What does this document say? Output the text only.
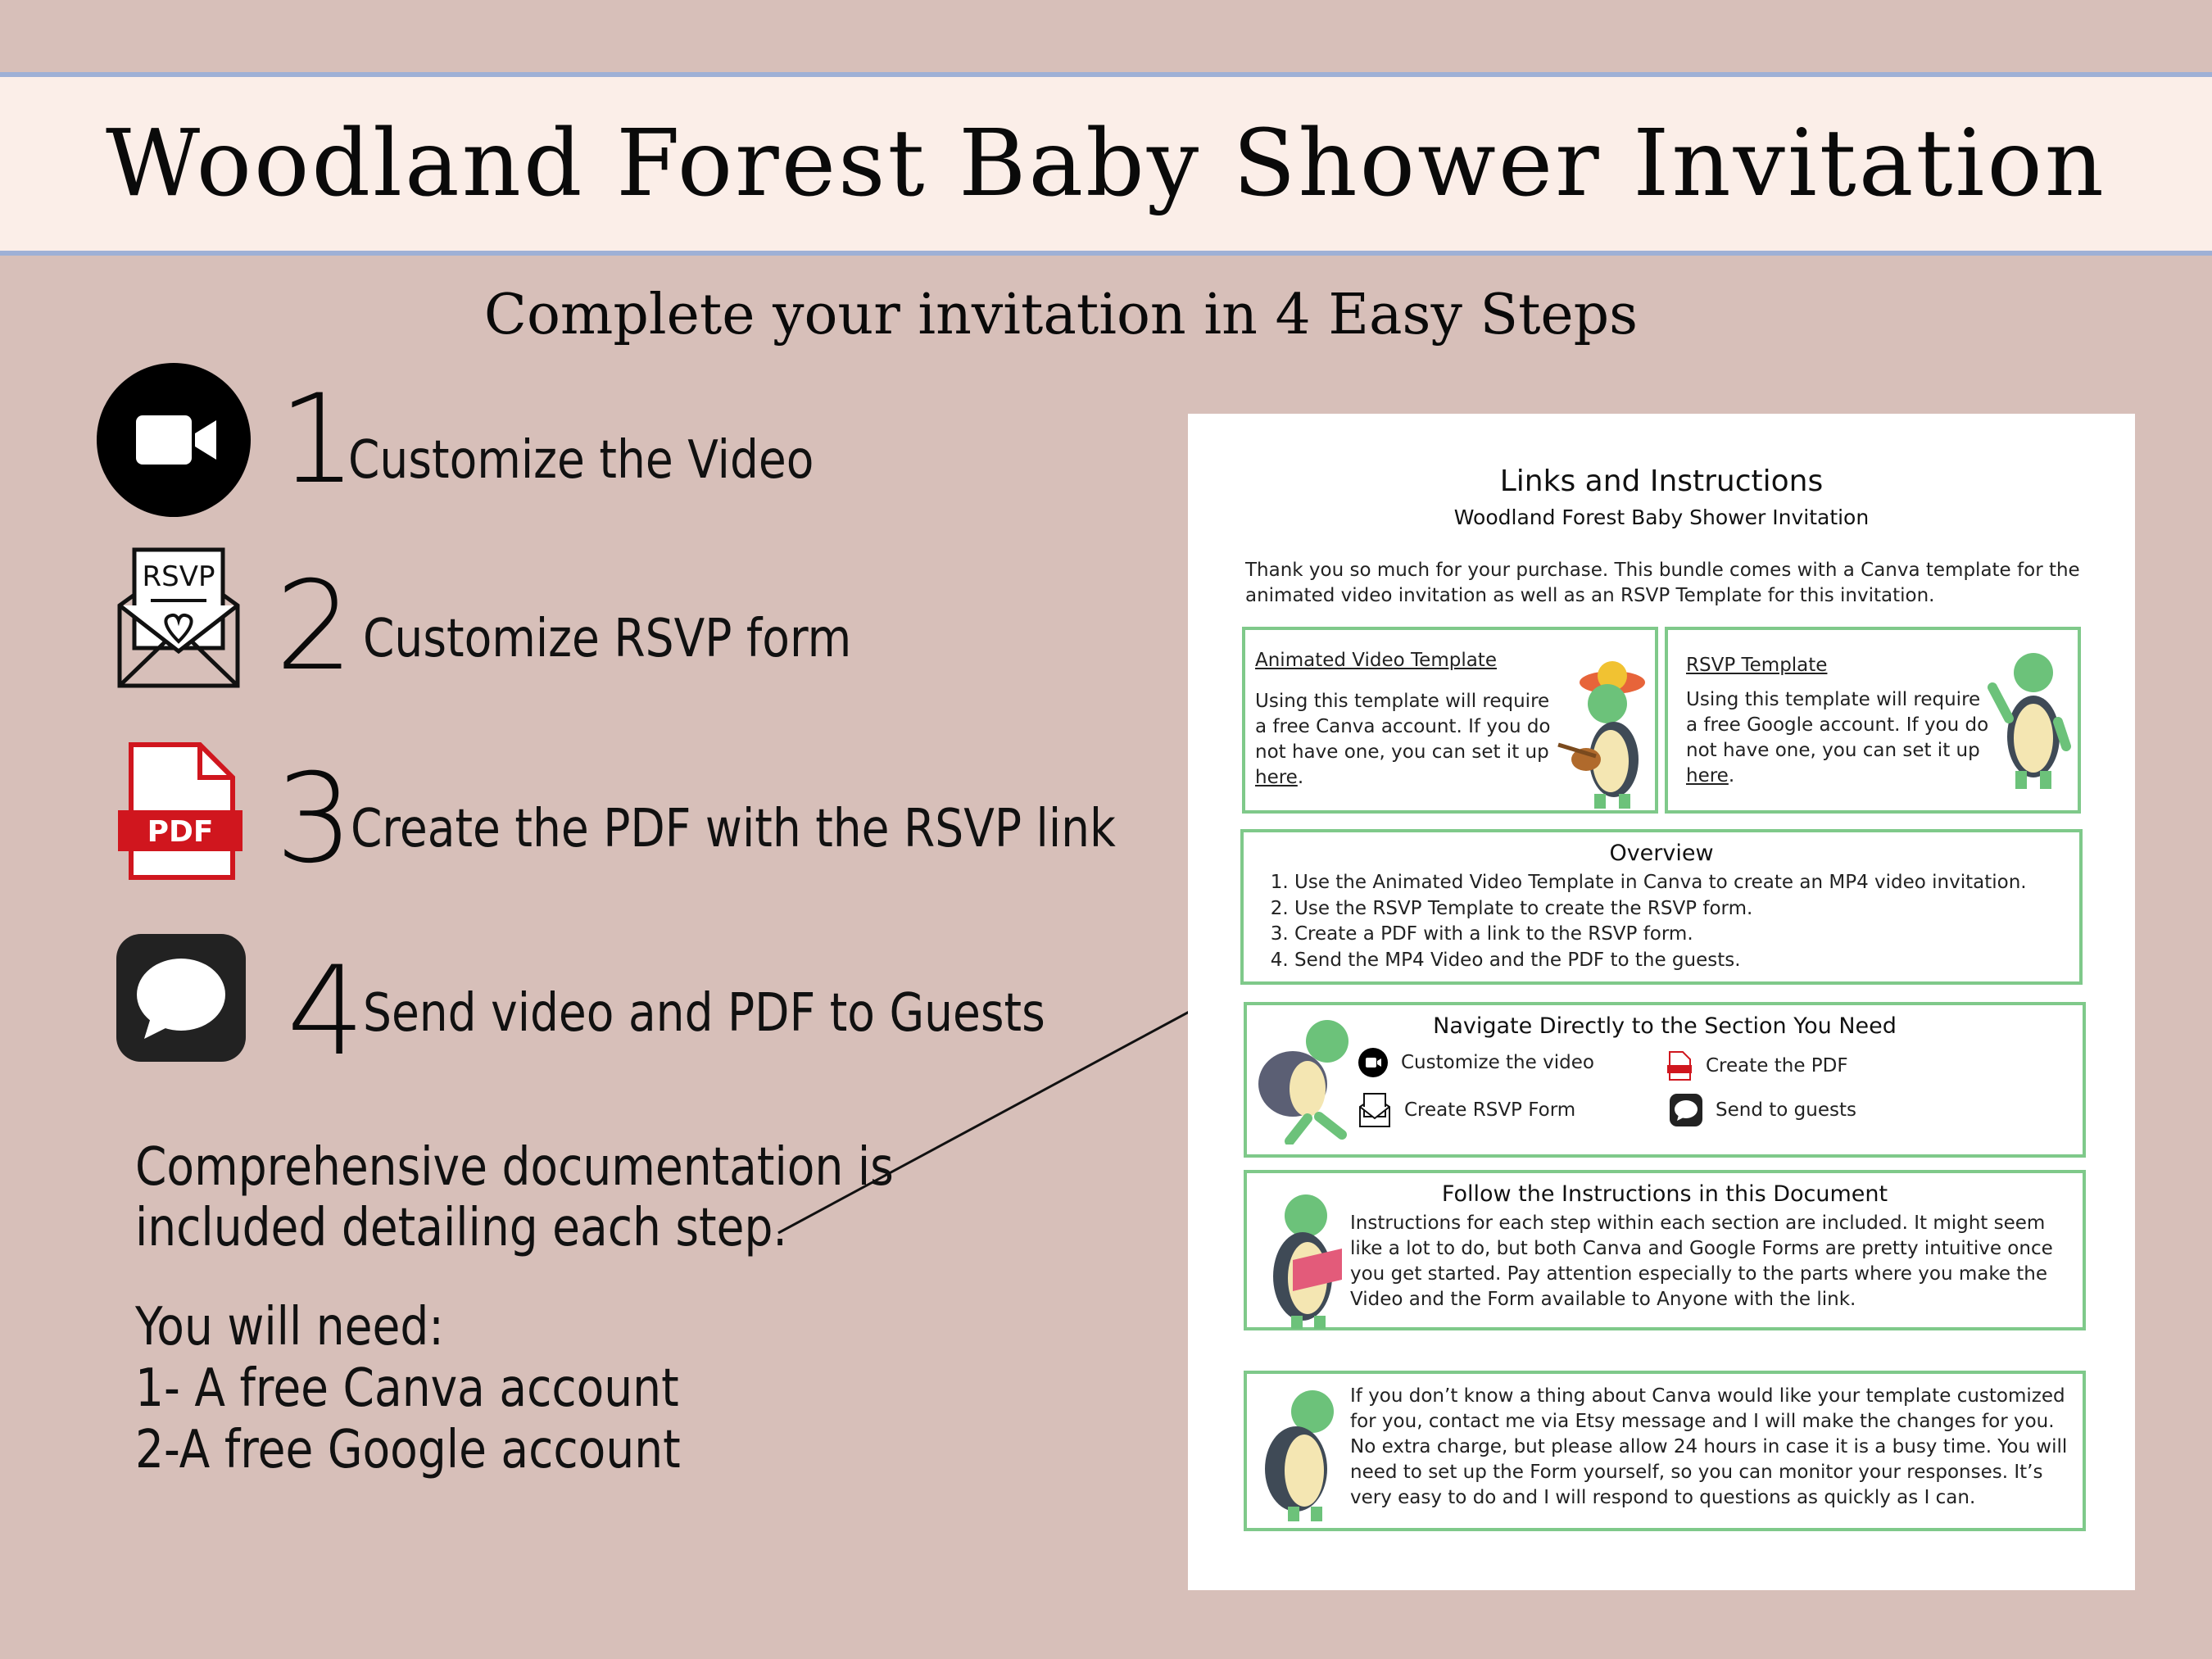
Woodland Forest Baby Shower Invitation
Complete your invitation in 4 Easy Steps
1
Customize the Video
RSVP 2 Customize RSVP form
PDF 3
Create the PDF with the RSVP link
4
Send video and PDF to Guests
Comprehensive documentation is
included detailing each step.
You will need:
1- A free Canva account
2-A free Google account
Links and Instructions
Woodland Forest Baby Shower Invitation
Thank you so much for your purchase. This bundle comes with a Canva template for the animated video invitation as well as an RSVP Template for this invitation.
Animated Video Template
Using this template will require a free Canva account. If you do not have one, you can set it up here.
RSVP Template
Using this template will require a free Google account. If you do not have one, you can set it up here.
Overview
1. Use the Animated Video Template in Canva to create an MP4 video invitation.
2. Use the RSVP Template to create the RSVP form.
3. Create a PDF with a link to the RSVP form.
4. Send the MP4 Video and the PDF to the guests.
Navigate Directly to the Section You Need
Customize the video	Create the PDF
Create RSVP Form	Send to guests
Follow the Instructions in this Document
Instructions for each step within each section are included. It might seem like a lot to do, but both Canva and Google Forms are pretty intuitive once you get started. Pay attention especially to the parts where you make the Video and the Form available to Anyone with the link.
If you don’t know a thing about Canva would like your template customized for you, contact me via Etsy message and I will make the changes for you. No extra charge, but please allow 24 hours in case it is a busy time. You will need to set up the Form yourself, so you can monitor your responses. It’s very easy to do and I will respond to questions as quickly as I can.
